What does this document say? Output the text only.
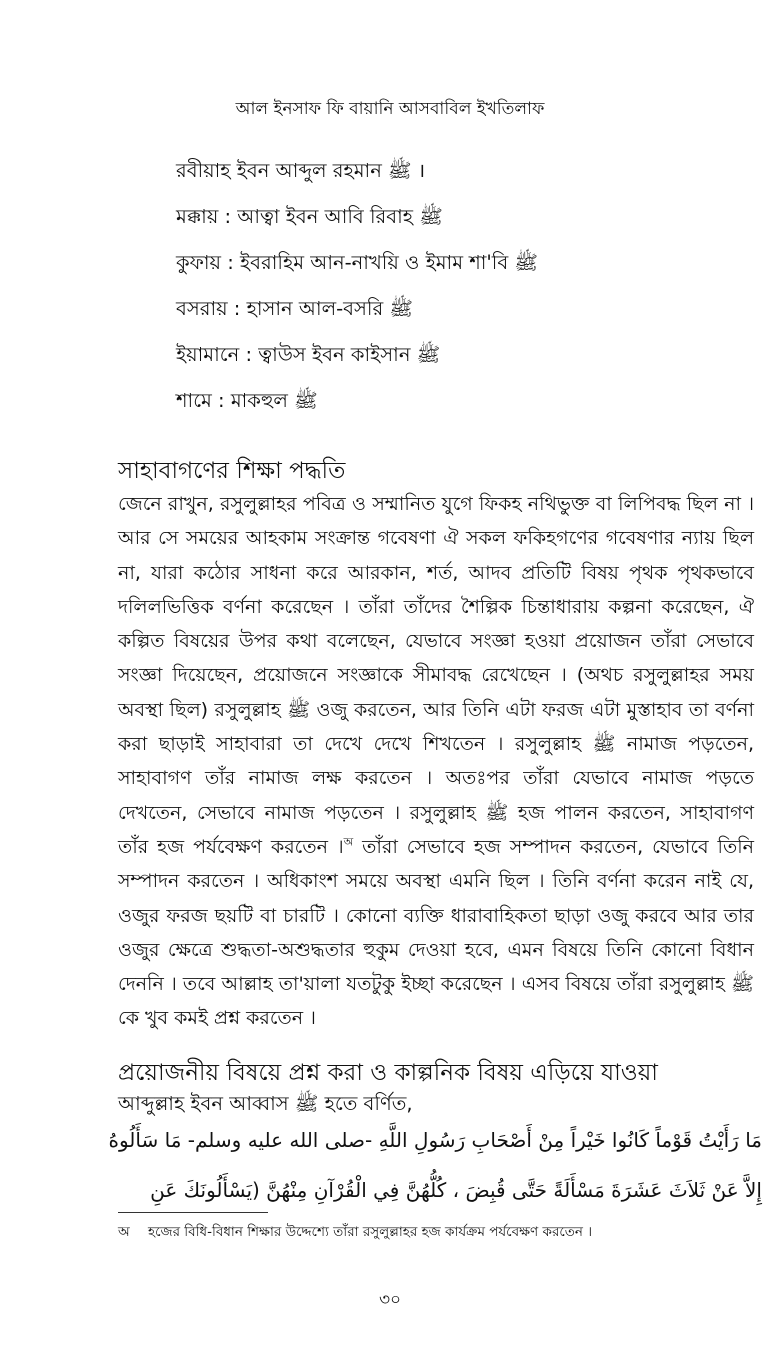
আল ইনসাফ ফি বায়ানি আসবাবিল ইখতিলাফ
রবীয়াহ ইবন আব্দুল রহমান ﷺ ।
মক্কায় : আত্বা ইবন আবি রিবাহ ﷺ
কুফায় : ইবরাহিম আন-নাখয়ি ও ইমাম শা'বি ﷺ
বসরায় : হাসান আল-বসরি ﷺ
ইয়ামানে : ত্বাউস ইবন কাইসান ﷺ
শামে : মাকহুল ﷺ
সাহাবাগণের শিক্ষা পদ্ধতি
জেনে রাখুন, রসুলুল্লাহর পবিত্র ও সম্মানিত যুগে ফিকহ নথিভুক্ত বা লিপিবদ্ধ ছিল না । আর সে সময়ের আহকাম সংক্রান্ত গবেষণা ঐ সকল ফকিহগণের গবেষণার ন্যায় ছিল না, যারা কঠোর সাধনা করে আরকান, শর্ত, আদব প্রতিটি বিষয় পৃথক পৃথকভাবে দলিলভিত্তিক বর্ণনা করেছেন । তাঁরা তাঁদের শৈল্পিক চিন্তাধারায় কল্পনা করেছেন, ঐ কল্পিত বিষয়ের উপর কথা বলেছেন, যেভাবে সংজ্ঞা হওয়া প্রয়োজন তাঁরা সেভাবে সংজ্ঞা দিয়েছেন, প্রয়োজনে সংজ্ঞাকে সীমাবদ্ধ রেখেছেন । (অথচ রসুলুল্লাহর সময় অবস্থা ছিল) রসুলুল্লাহ ﷺ ওজু করতেন, আর তিনি এটা ফরজ এটা মুস্তাহাব তা বর্ণনা করা ছাড়াই সাহাবারা তা দেখে দেখে শিখতেন । রসুলুল্লাহ ﷺ নামাজ পড়তেন, সাহাবাগণ তাঁর নামাজ লক্ষ করতেন । অতঃপর তাঁরা যেভাবে নামাজ পড়তে দেখতেন, সেভাবে নামাজ পড়তেন । রসুলুল্লাহ ﷺ হজ পালন করতেন, সাহাবাগণ তাঁর হজ পর্যবেক্ষণ করতেন ।$^অ$ তাঁরা সেভাবে হজ সম্পাদন করতেন, যেভাবে তিনি সম্পাদন করতেন । অধিকাংশ সময়ে অবস্থা এমনি ছিল । তিনি বর্ণনা করেন নাই যে, ওজুর ফরজ ছয়টি বা চারটি । কোনো ব্যক্তি ধারাবাহিকতা ছাড়া ওজু করবে আর তার ওজুর ক্ষেত্রে শুদ্ধতা-অশুদ্ধতার হুকুম দেওয়া হবে, এমন বিষয়ে তিনি কোনো বিধান দেননি । তবে আল্লাহ তা'য়ালা যতটুকু ইচ্ছা করেছেন । এসব বিষয়ে তাঁরা রসুলুল্লাহ ﷺ কে খুব কমই প্রশ্ন করতেন ।
প্রয়োজনীয় বিষয়ে প্রশ্ন করা ও কাল্পনিক বিষয় এড়িয়ে যাওয়া
আব্দুল্লাহ ইবন আব্বাস ﷺ হতে বর্ণিত,
مَا رَأَيْتُ قَوْماً كَانُوا خَيْراً مِنْ أَصْحَابِ رَسُولِ اللَّهِ -صلى الله عليه وسلم- مَا سَأَلُوهُ
إِلاَّ عَنْ ثَلاَثَ عَشَرَةَ مَسْأَلَةً حَتَّى قُبِضَ ، كُلُّهُنَّ فِي الْقُرْآنِ مِنْهُنَّ (يَسْأَلُونَكَ عَنِ
অ হজের বিধি-বিধান শিক্ষার উদ্দেশ্যে তাঁরা রসুলুল্লাহর হজ কার্যক্রম পর্যবেক্ষণ করতেন ।
৩০
